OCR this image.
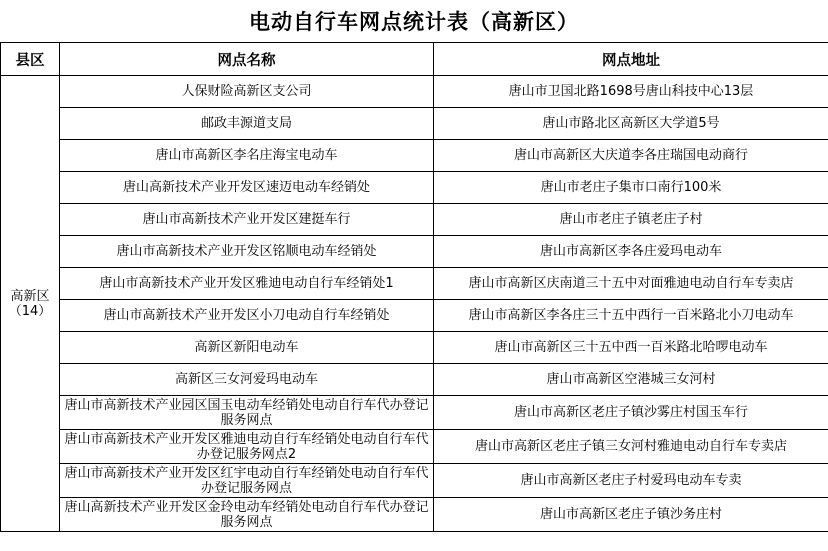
电动自行车网点统计表（高新区）
县区	网点名称	网点地址
高新区
（14）	人保财险高新区支公司	唐山市卫国北路1698号唐山科技中心13层
	邮政丰源道支局	唐山市路北区高新区大学道5号
	唐山市高新区李名庄海宝电动车	唐山市高新区大庆道李各庄瑞国电动商行
	唐山高新技术产业开发区速迈电动车经销处	唐山市老庄子集市口南行100米
	唐山市高新技术产业开发区建挺车行	唐山市老庄子镇老庄子村
	唐山市高新技术产业开发区铭顺电动车经销处	唐山市高新区李各庄爱玛电动车
	唐山市高新技术产业开发区雅迪电动自行车经销处1	唐山市高新区庆南道三十五中对面雅迪电动自行车专卖店
	唐山市高新技术产业开发区小刀电动自行车经销处	唐山市高新区李各庄三十五中西行一百米路北小刀电动车
	高新区新阳电动车	唐山市高新区三十五中西一百米路北哈啰电动车
	高新区三女河爱玛电动车	唐山市高新区空港城三女河村
	唐山市高新技术产业园区国玉电动车经销处电动自行车代办登记服务网点	唐山市高新区老庄子镇沙雾庄村国玉车行
	唐山市高新技术产业开发区雅迪电动自行车经销处电动自行车代办登记服务网点2	唐山市高新区老庄子镇三女河村雅迪电动自行车专卖店
	唐山市高新技术产业开发区红宇电动自行车经销处电动自行车代办登记服务网点	唐山市高新区老庄子村爱玛电动车专卖
	唐山高新技术产业开发区金玲电动车经销处电动自行车代办登记服务网点	唐山市高新区老庄子镇沙务庄村
